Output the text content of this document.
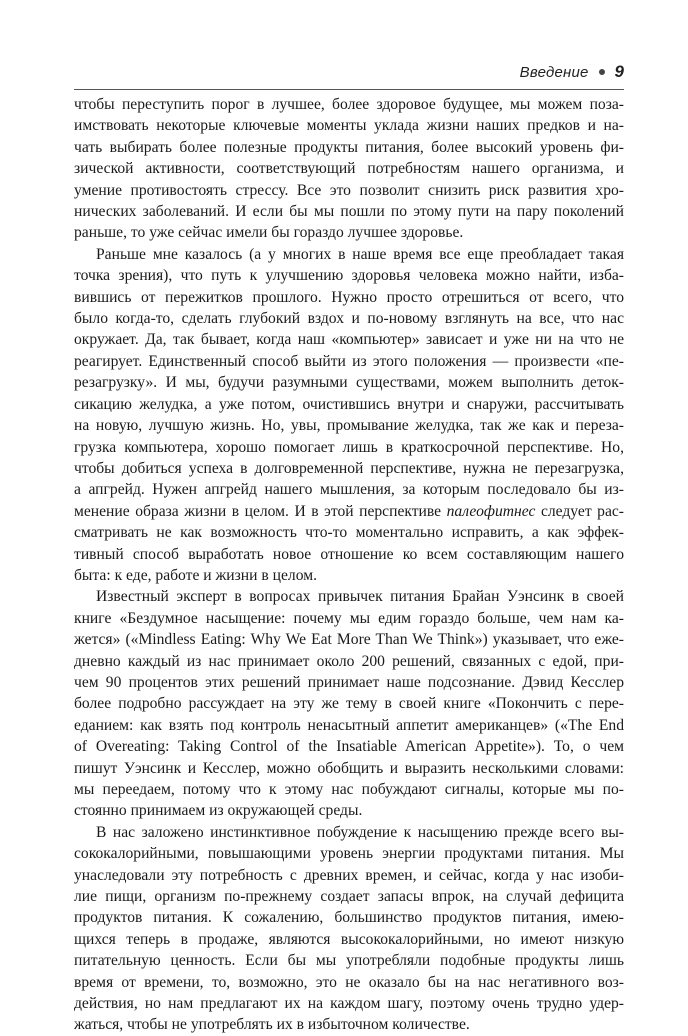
Введение 9

чтобы переступить порог в лучшее, более здоровое будущее, мы можем поза-
имствовать некоторые ключевые моменты уклада жизни наших предков и на-
чать выбирать более полезные продукты питания, более высокий уровень фи-
зической активности, соответствующий потребностям нашего организма, и
умение противостоять стрессу. Все это позволит снизить риск развития хро-
нических заболеваний. И если бы мы пошли по этому пути на пару поколений
раньше, то уже сейчас имели бы гораздо лучшее здоровье.

Раньше мне казалось (а у многих в наше время все еще преобладает такая
точка зрения), что путь к улучшению здоровья человека можно найти, изба-
вившись от пережитков прошлого. Нужно просто отрешиться от всего, что
было когда-то, сделать глубокий вздох и по-новому взглянуть на все, что нас
окружает. Да, так бывает, когда наш «компьютер» зависает и уже ни на что не
реагирует. Единственный способ выйти из этого положения — произвести «пе-
резагрузку». И мы, будучи разумными существами, можем выполнить деток-
сикацию желудка, а уже потом, очистившись внутри и снаружи, рассчитывать
на новую, лучшую жизнь. Но, увы, промывание желудка, так же как и переза-
грузка компьютера, хорошо помогает лишь в краткосрочной перспективе. Но,
чтобы добиться успеха в долговременной перспективе, нужна не перезагрузка,
а апгрейд. Нужен апгрейд нашего мышления, за которым последовало бы из-
менение образа жизни в целом. И в этой перспективе палеофитнес следует рас-
сматривать не как возможность что-то моментально исправить, а как эффек-
тивный способ выработать новое отношение ко всем составляющим нашего
быта: к еде, работе и жизни в целом.

Известный эксперт в вопросах привычек питания Брайан Уэнсинк в своей
книге «Бездумное насыщение: почему мы едим гораздо больше, чем нам ка-
жется» («Mindless Eating: Why We Eat More Than We Think») указывает, что еже-
дневно каждый из нас принимает около 200 решений, связанных с едой, при-
чем 90 процентов этих решений принимает наше подсознание. Дэвид Кесслер
более подробно рассуждает на эту же тему в своей книге «Покончить с пере-
еданием: как взять под контроль ненасытный аппетит американцев» («The End
of Overeating: Taking Control of the Insatiable American Appetite»). То, о чем
пишут Уэнсинк и Кесслер, можно обобщить и выразить несколькими словами:
мы переедаем, потому что к этому нас побуждают сигналы, которые мы по-
стоянно принимаем из окружающей среды.

В нас заложено инстинктивное побуждение к насыщению прежде всего вы-
сококалорийными, повышающими уровень энергии продуктами питания. Мы
унаследовали эту потребность с древних времен, и сейчас, когда у нас изоби-
лие пищи, организм по-прежнему создает запасы впрок, на случай дефицита
продуктов питания. К сожалению, большинство продуктов питания, имею-
щихся теперь в продаже, являются высококалорийными, но имеют низкую
питательную ценность. Если бы мы употребляли подобные продукты лишь
время от времени, то, возможно, это не оказало бы на нас негативного воз-
действия, но нам предлагают их на каждом шагу, поэтому очень трудно удер-
жаться, чтобы не употреблять их в избыточном количестве.
